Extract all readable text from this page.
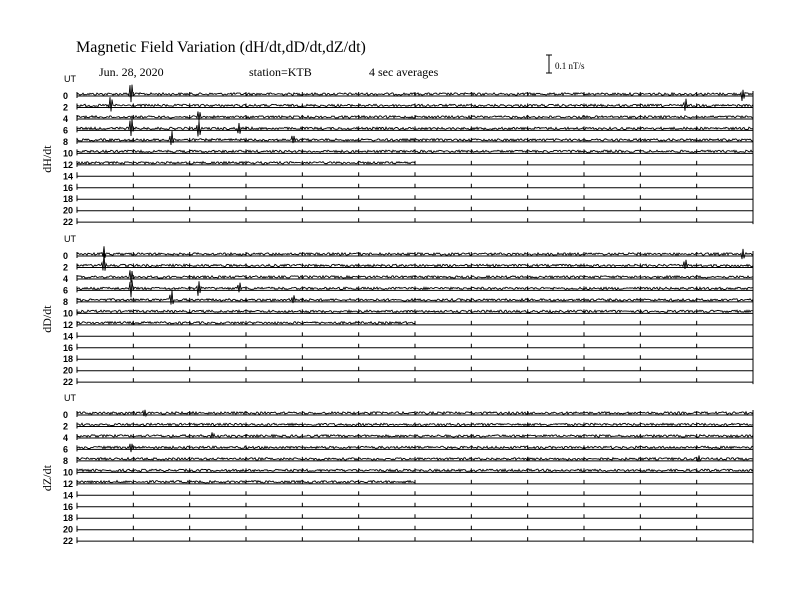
Magnetic Field Variation (dH/dt,dD/dt,dZ/dt)
Jun. 28, 2020	station=KTB	4 sec averages	0.1 nT/s
UT
dH/dt
0
2
4
6
8
10
12
14
16
18
20
22
UT
dD/dt
0
2
4
6
8
10
12
14
16
18
20
22
UT
dZ/dt
0
2
4
6
8
10
12
14
16
18
20
22
